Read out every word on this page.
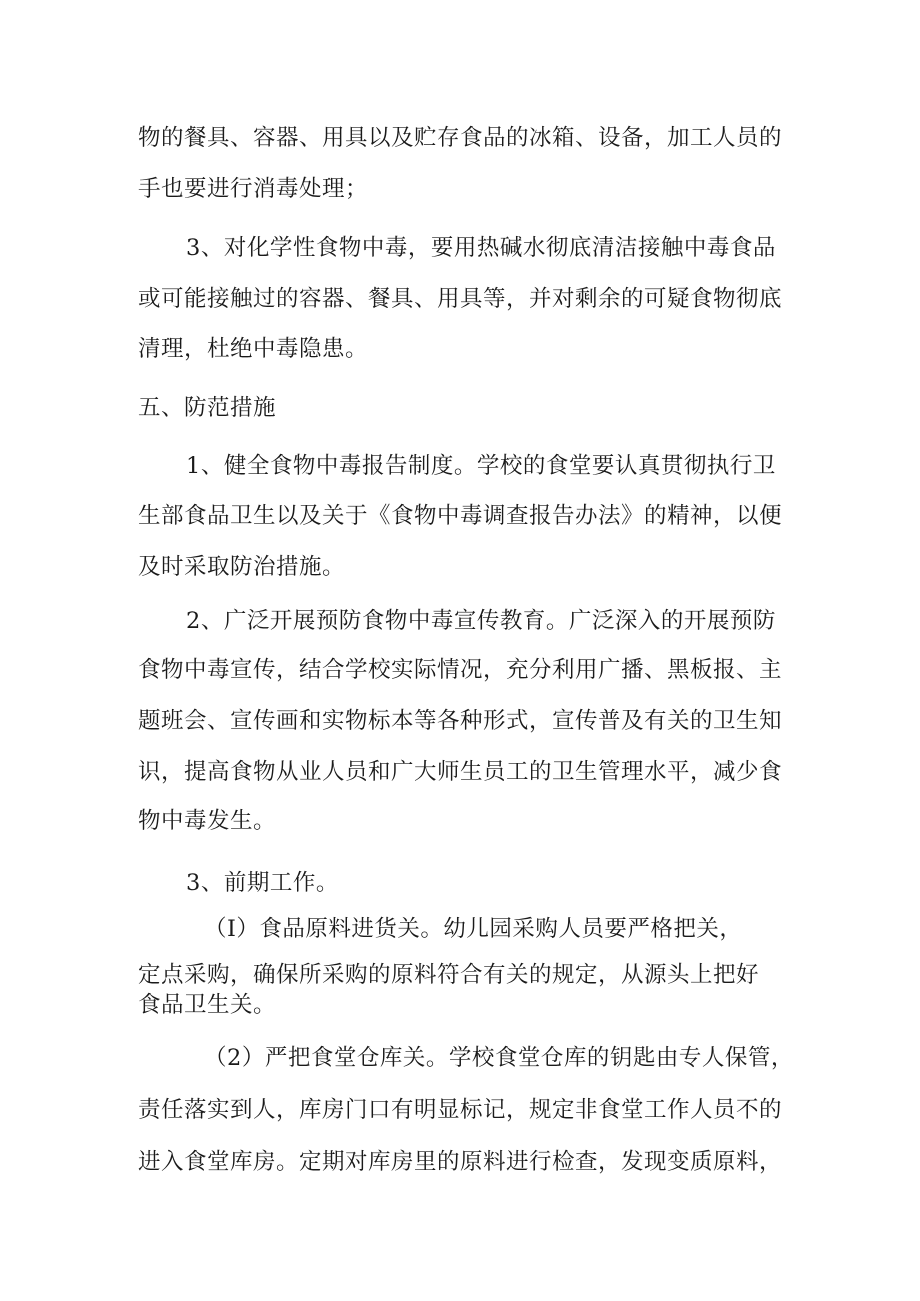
物的餐具、容器、用具以及贮存食品的冰箱、设备，加工人员的
手也要进行消毒处理；
3、对化学性食物中毒，要用热碱水彻底清洁接触中毒食品
或可能接触过的容器、餐具、用具等，并对剩余的可疑食物彻底
清理，杜绝中毒隐患。
五、防范措施
1、健全食物中毒报告制度。学校的食堂要认真贯彻执行卫
生部食品卫生以及关于《食物中毒调查报告办法》的精神，以便
及时采取防治措施。
2、广泛开展预防食物中毒宣传教育。广泛深入的开展预防
食物中毒宣传，结合学校实际情况，充分利用广播、黑板报、主
题班会、宣传画和实物标本等各种形式，宣传普及有关的卫生知
识，提高食物从业人员和广大师生员工的卫生管理水平，减少食
物中毒发生。
3、前期工作。
（I）食品原料进货关。幼儿园采购人员要严格把关，
定点采购，确保所采购的原料符合有关的规定，从源头上把好
食品卫生关。
（2）严把食堂仓库关。学校食堂仓库的钥匙由专人保管，
责任落实到人，库房门口有明显标记，规定非食堂工作人员不的
进入食堂库房。定期对库房里的原料进行检查，发现变质原料，
